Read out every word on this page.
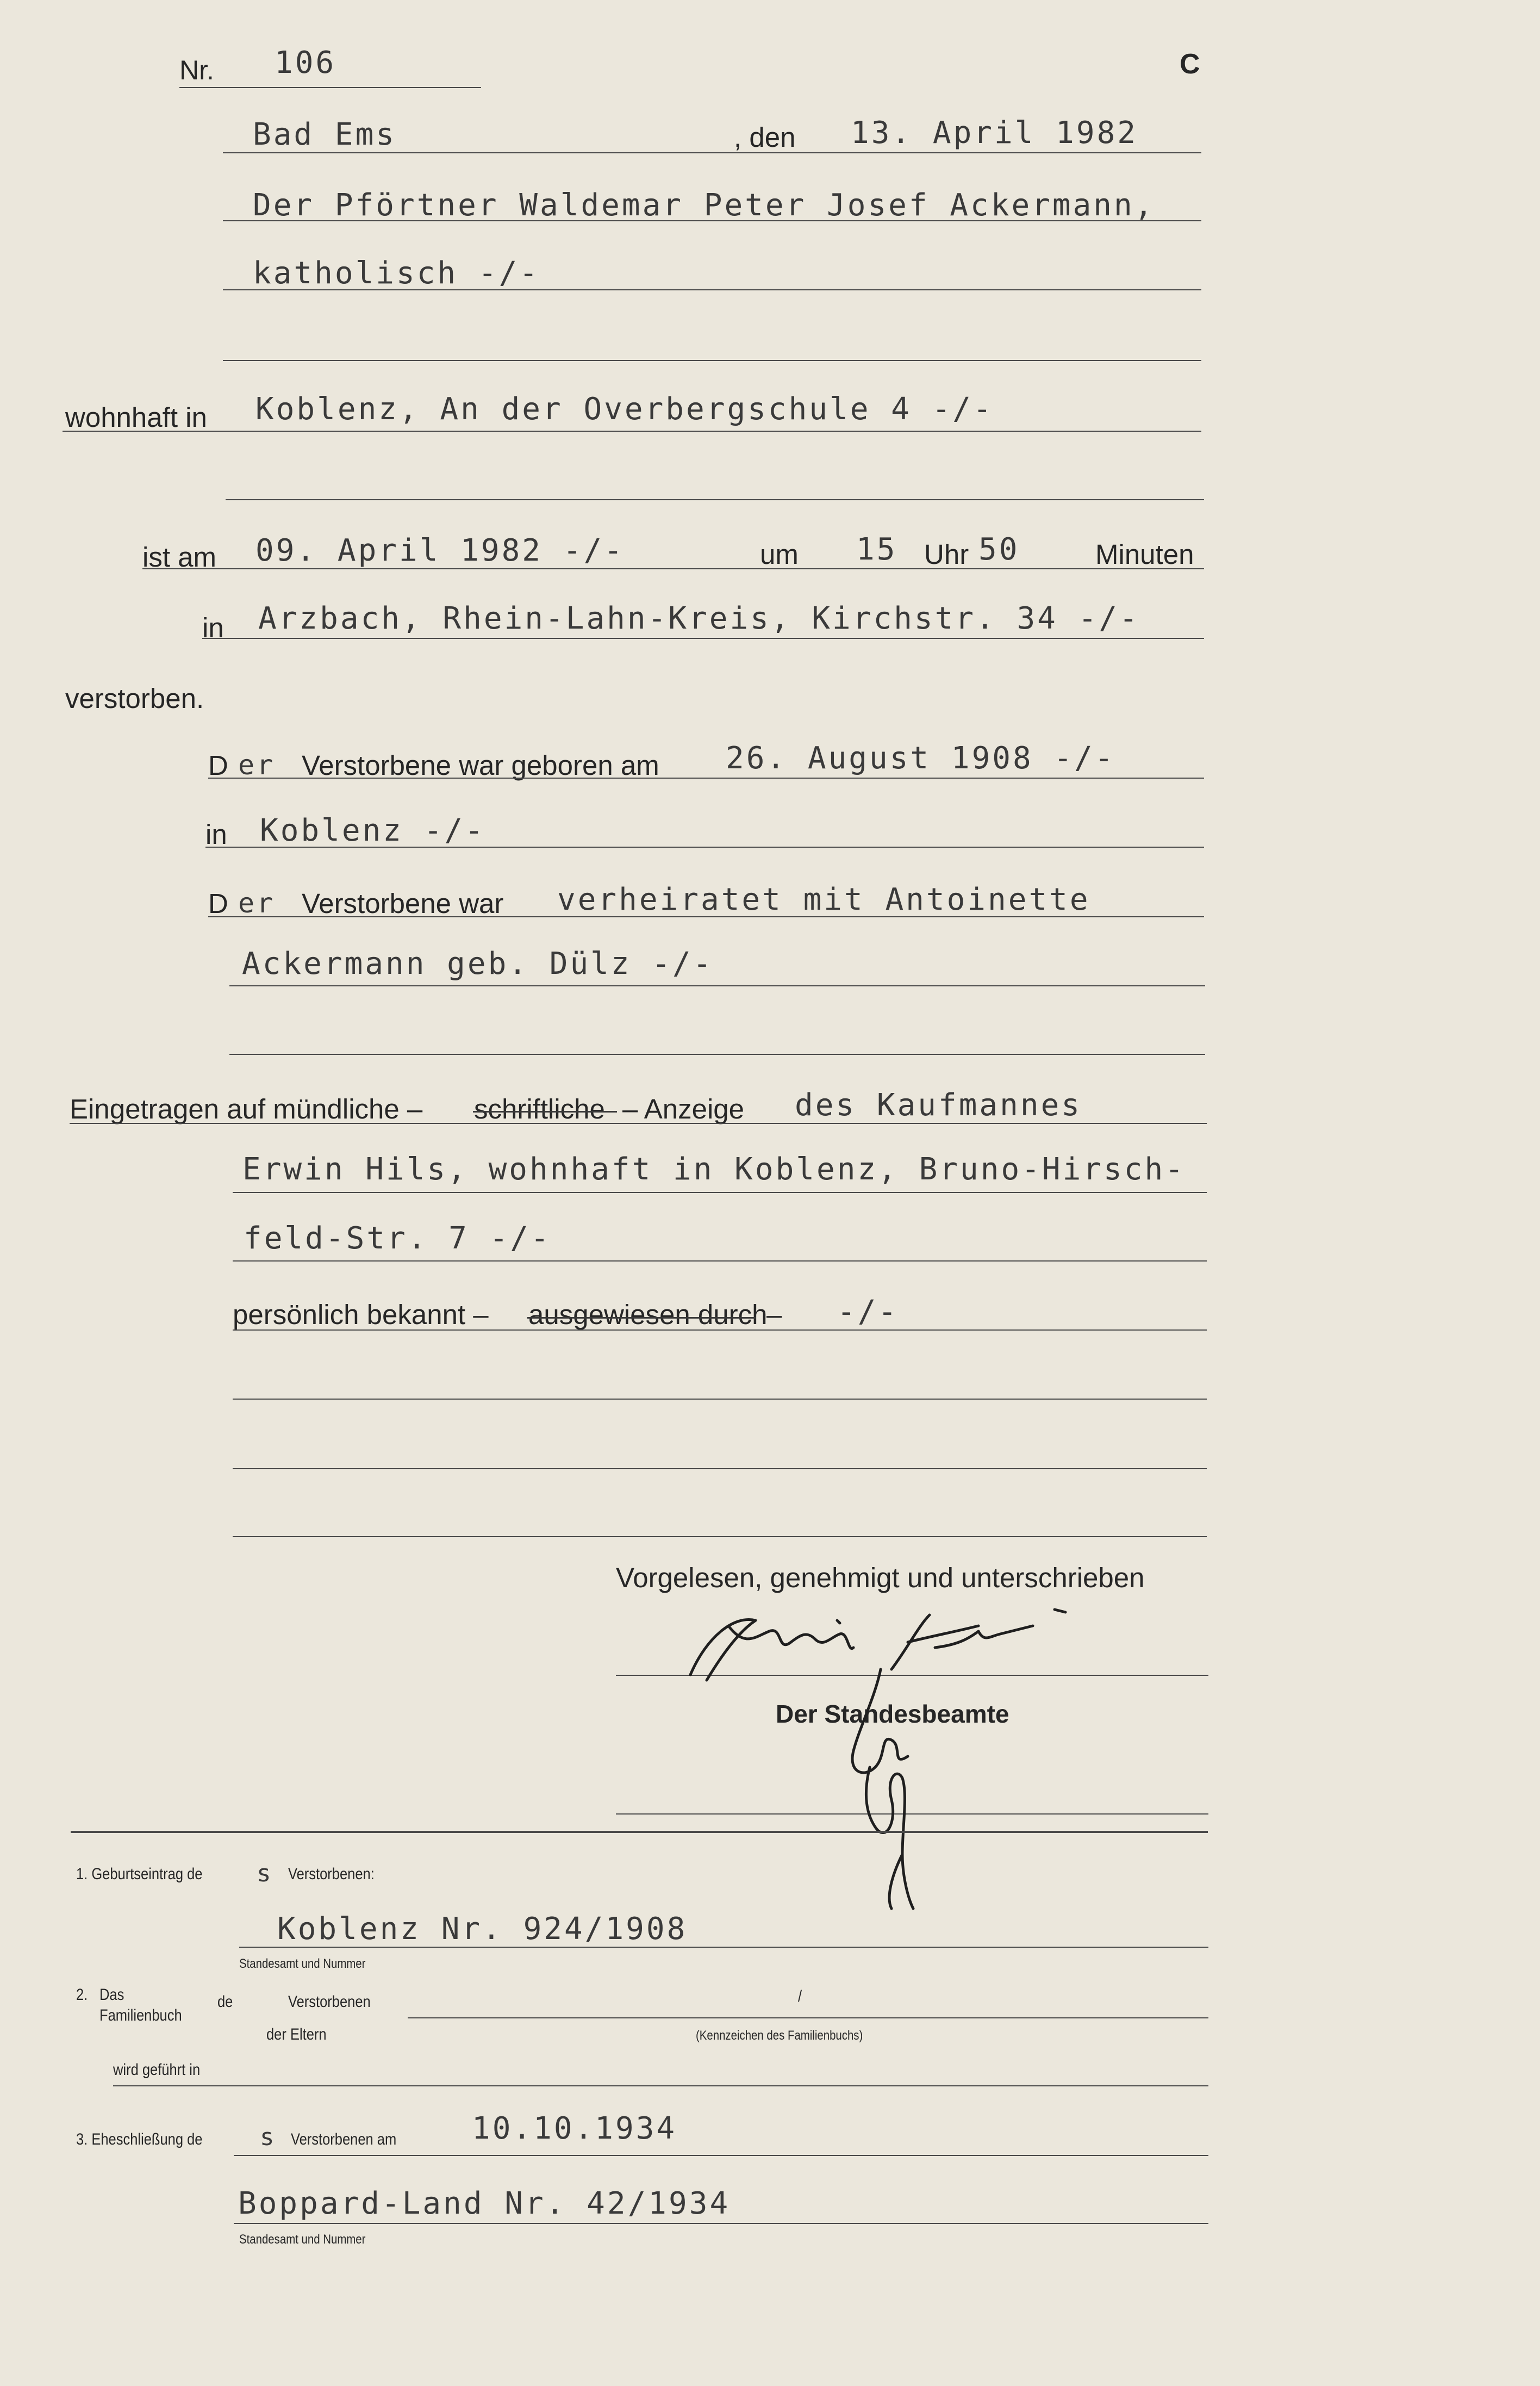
Nr. 106	C
Bad Ems	, den 13. April 1982
Der Pförtner Waldemar Peter Josef Ackermann,
katholisch -/-
wohnhaft in Koblenz, An der Overbergschule 4 -/-
ist am 09. April 1982 -/-	um 15 Uhr 50	Minuten
in Arzbach, Rhein-Lahn-Kreis, Kirchstr. 34 -/-
verstorben.
D er Verstorbene war geboren am 26. August 1908 -/-
in Koblenz -/-
D er Verstorbene war verheiratet mit Antoinette
Ackermann geb. Dülz -/-
Eingetragen auf mündliche – schriftliche – Anzeige des Kaufmannes
Erwin Hils, wohnhaft in Koblenz, Bruno-Hirsch-
feld-Str. 7 -/-
persönlich bekannt – ausgewiesen durch
– -/-
Vorgelesen, genehmigt und unterschrieben
Der Standesbeamte
1. Geburtseintrag de s Verstorbenen:
Koblenz Nr. 924/1908
Standesamt und Nummer
2. Das
Familienbuch
de	Verstorbenen	/
der Eltern	(Kennzeichen des Familienbuchs)
wird geführt in
3. Eheschließung de s Verstorbenen am 10.10.1934
Boppard-Land Nr. 42/1934
Standesamt und Nummer
